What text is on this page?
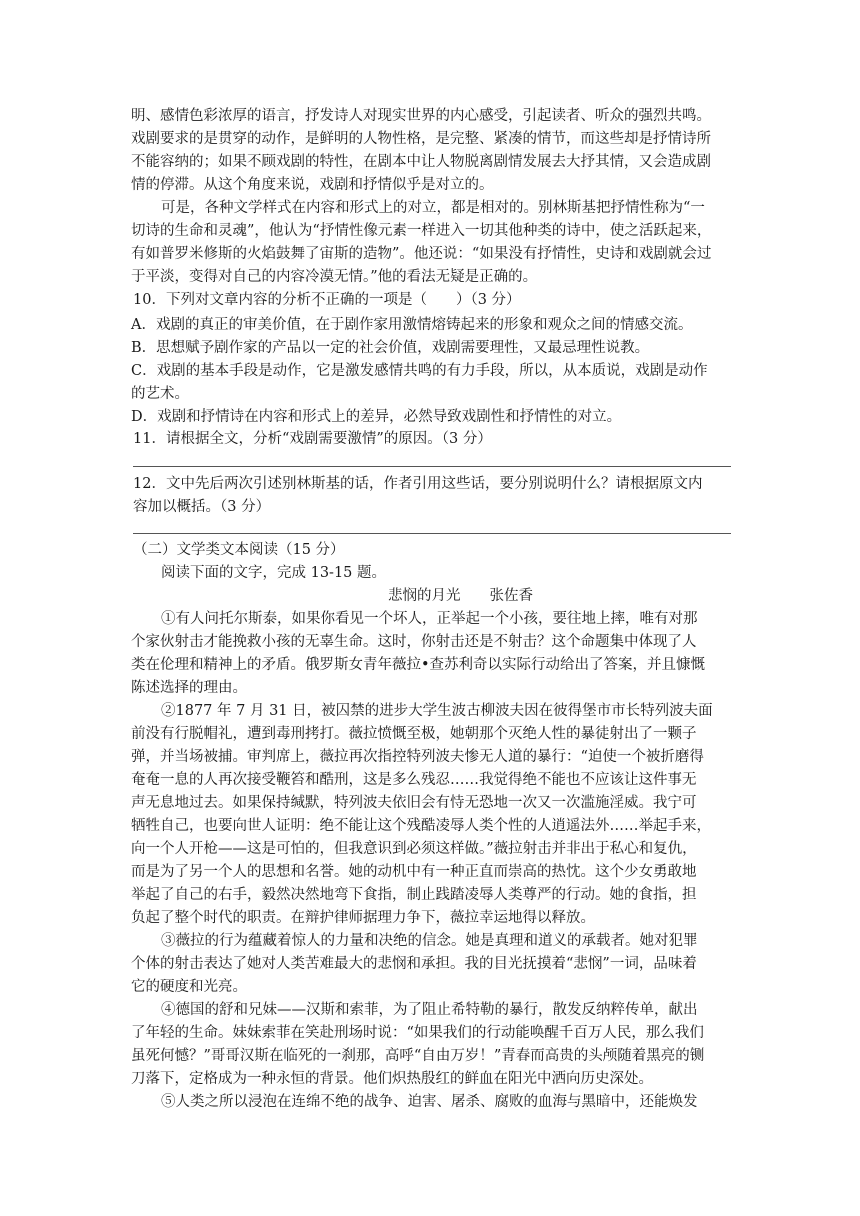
明、感情色彩浓厚的语言，抒发诗人对现实世界的内心感受，引起读者、听众的强烈共鸣。
戏剧要求的是贯穿的动作，是鲜明的人物性格，是完整、紧凑的情节，而这些却是抒情诗所
不能容纳的；如果不顾戏剧的特性，在剧本中让人物脱离剧情发展去大抒其情，又会造成剧
情的停滞。从这个角度来说，戏剧和抒情似乎是对立的。
可是，各种文学样式在内容和形式上的对立，都是相对的。别林斯基把抒情性称为“一
切诗的生命和灵魂”，他认为“抒情性像元素一样进入一切其他种类的诗中，使之活跃起来，
有如普罗米修斯的火焰鼓舞了宙斯的造物”。他还说：“如果没有抒情性，史诗和戏剧就会过
于平淡，变得对自己的内容冷漠无情。”他的看法无疑是正确的。
10．下列对文章内容的分析不正确的一项是（　　）（3 分）
A．戏剧的真正的审美价值，在于剧作家用激情熔铸起来的形象和观众之间的情感交流。
B．思想赋予剧作家的产品以一定的社会价值，戏剧需要理性，又最忌理性说教。
C．戏剧的基本手段是动作，它是激发感情共鸣的有力手段，所以，从本质说，戏剧是动作
的艺术。
D．戏剧和抒情诗在内容和形式上的差异，必然导致戏剧性和抒情性的对立。
11．请根据全文，分析“戏剧需要激情”的原因。（3 分）
12．文中先后两次引述别林斯基的话，作者引用这些话，要分别说明什么？请根据原文内
容加以概括。（3 分）
（二）文学类文本阅读（15 分）
阅读下面的文字，完成 13-15 题。
悲悯的月光　　张佐香
①有人问托尔斯泰，如果你看见一个坏人，正举起一个小孩，要往地上摔，唯有对那
个家伙射击才能挽救小孩的无辜生命。这时，你射击还是不射击？这个命题集中体现了人
类在伦理和精神上的矛盾。俄罗斯女青年薇拉•查苏利奇以实际行动给出了答案，并且慷慨
陈述选择的理由。
②1877 年 7 月 31 日，被囚禁的进步大学生波古柳波夫因在彼得堡市市长特列波夫面
前没有行脱帽礼，遭到毒刑拷打。薇拉愤慨至极，她朝那个灭绝人性的暴徒射出了一颗子
弹，并当场被捕。审判席上，薇拉再次指控特列波夫惨无人道的暴行：“迫使一个被折磨得
奄奄一息的人再次接受鞭笞和酷刑，这是多么残忍……我觉得绝不能也不应该让这件事无
声无息地过去。如果保持缄默，特列波夫依旧会有恃无恐地一次又一次滥施淫威。我宁可
牺牲自己，也要向世人证明：绝不能让这个残酷凌辱人类个性的人逍遥法外……举起手来，
向一个人开枪——这是可怕的，但我意识到必须这样做。”薇拉射击并非出于私心和复仇，
而是为了另一个人的思想和名誉。她的动机中有一种正直而崇高的热忱。这个少女勇敢地
举起了自己的右手，毅然决然地弯下食指，制止践踏凌辱人类尊严的行动。她的食指，担
负起了整个时代的职责。在辩护律师据理力争下，薇拉幸运地得以释放。
③薇拉的行为蕴藏着惊人的力量和决绝的信念。她是真理和道义的承载者。她对犯罪
个体的射击表达了她对人类苦难最大的悲悯和承担。我的目光抚摸着“悲悯”一词，品味着
它的硬度和光亮。
④德国的舒和兄妹——汉斯和索菲，为了阻止希特勒的暴行，散发反纳粹传单，献出
了年轻的生命。妹妹索菲在笑赴刑场时说：“如果我们的行动能唤醒千百万人民，那么我们
虽死何憾？”哥哥汉斯在临死的一刹那，高呼“自由万岁！”青春而高贵的头颅随着黑亮的铡
刀落下，定格成为一种永恒的背景。他们炽热殷红的鲜血在阳光中洒向历史深处。
⑤人类之所以浸泡在连绵不绝的战争、迫害、屠杀、腐败的血海与黑暗中，还能焕发
